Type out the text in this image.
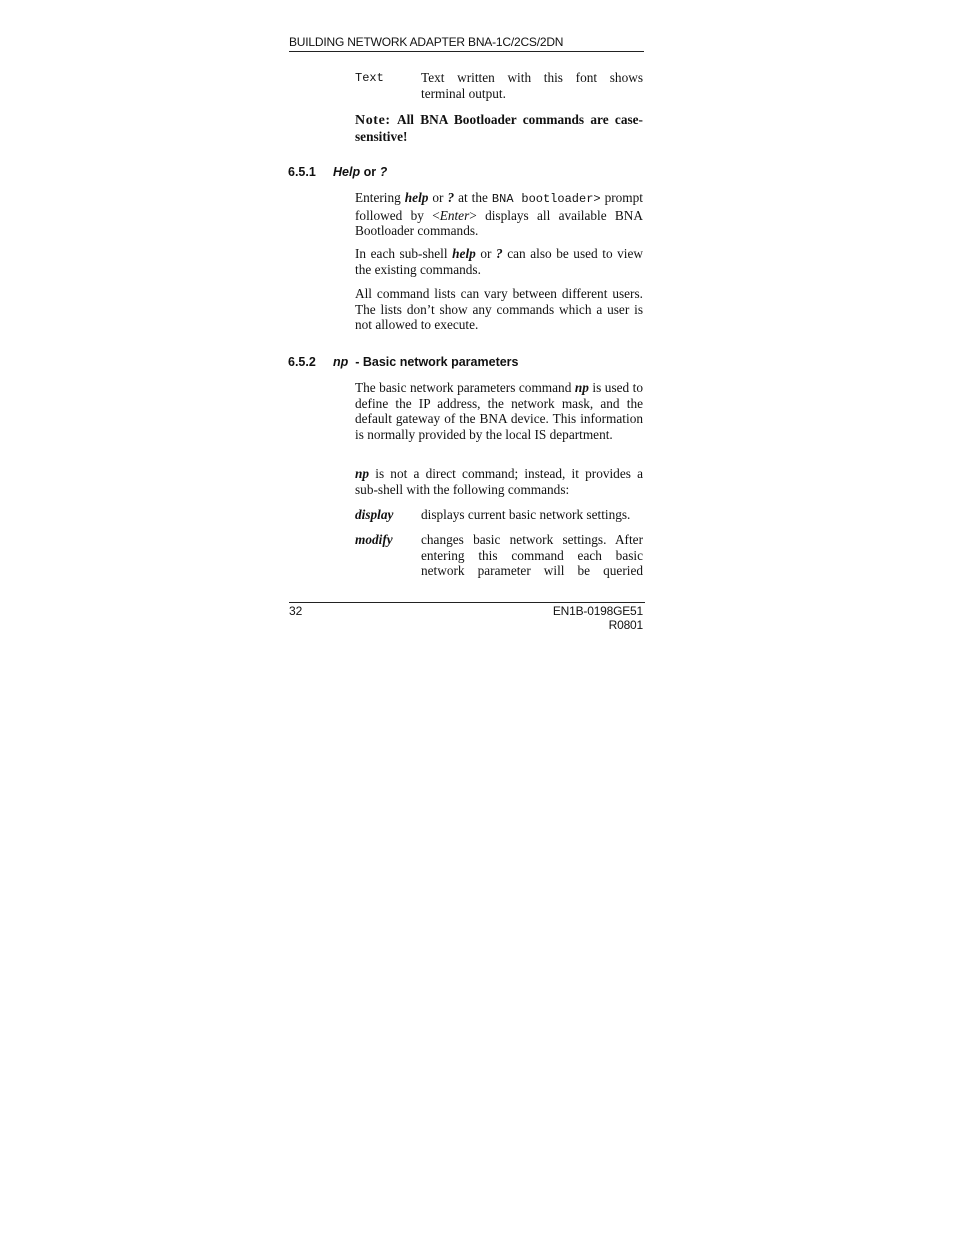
BUILDING NETWORK ADAPTER BNA-1C/2CS/2DN
Text	Text written with this font shows terminal output.
Note: All BNA Bootloader commands are case-sensitive!
6.5.1 Help or ?
Entering help or ? at the BNA bootloader> prompt followed by <Enter> displays all available BNA Bootloader commands.
In each sub-shell help or ? can also be used to view the existing commands.
All command lists can vary between different users. The lists don’t show any commands which a user is not allowed to execute.
6.5.2 np - Basic network parameters
The basic network parameters command np is used to define the IP address, the network mask, and the default gateway of the BNA device. This information is normally provided by the local IS department.
np is not a direct command; instead, it provides a sub-shell with the following commands:
display	displays current basic network settings.
modify	changes basic network settings. After entering this command each basic network parameter will be queried
32	EN1B-0198GE51 R0801
